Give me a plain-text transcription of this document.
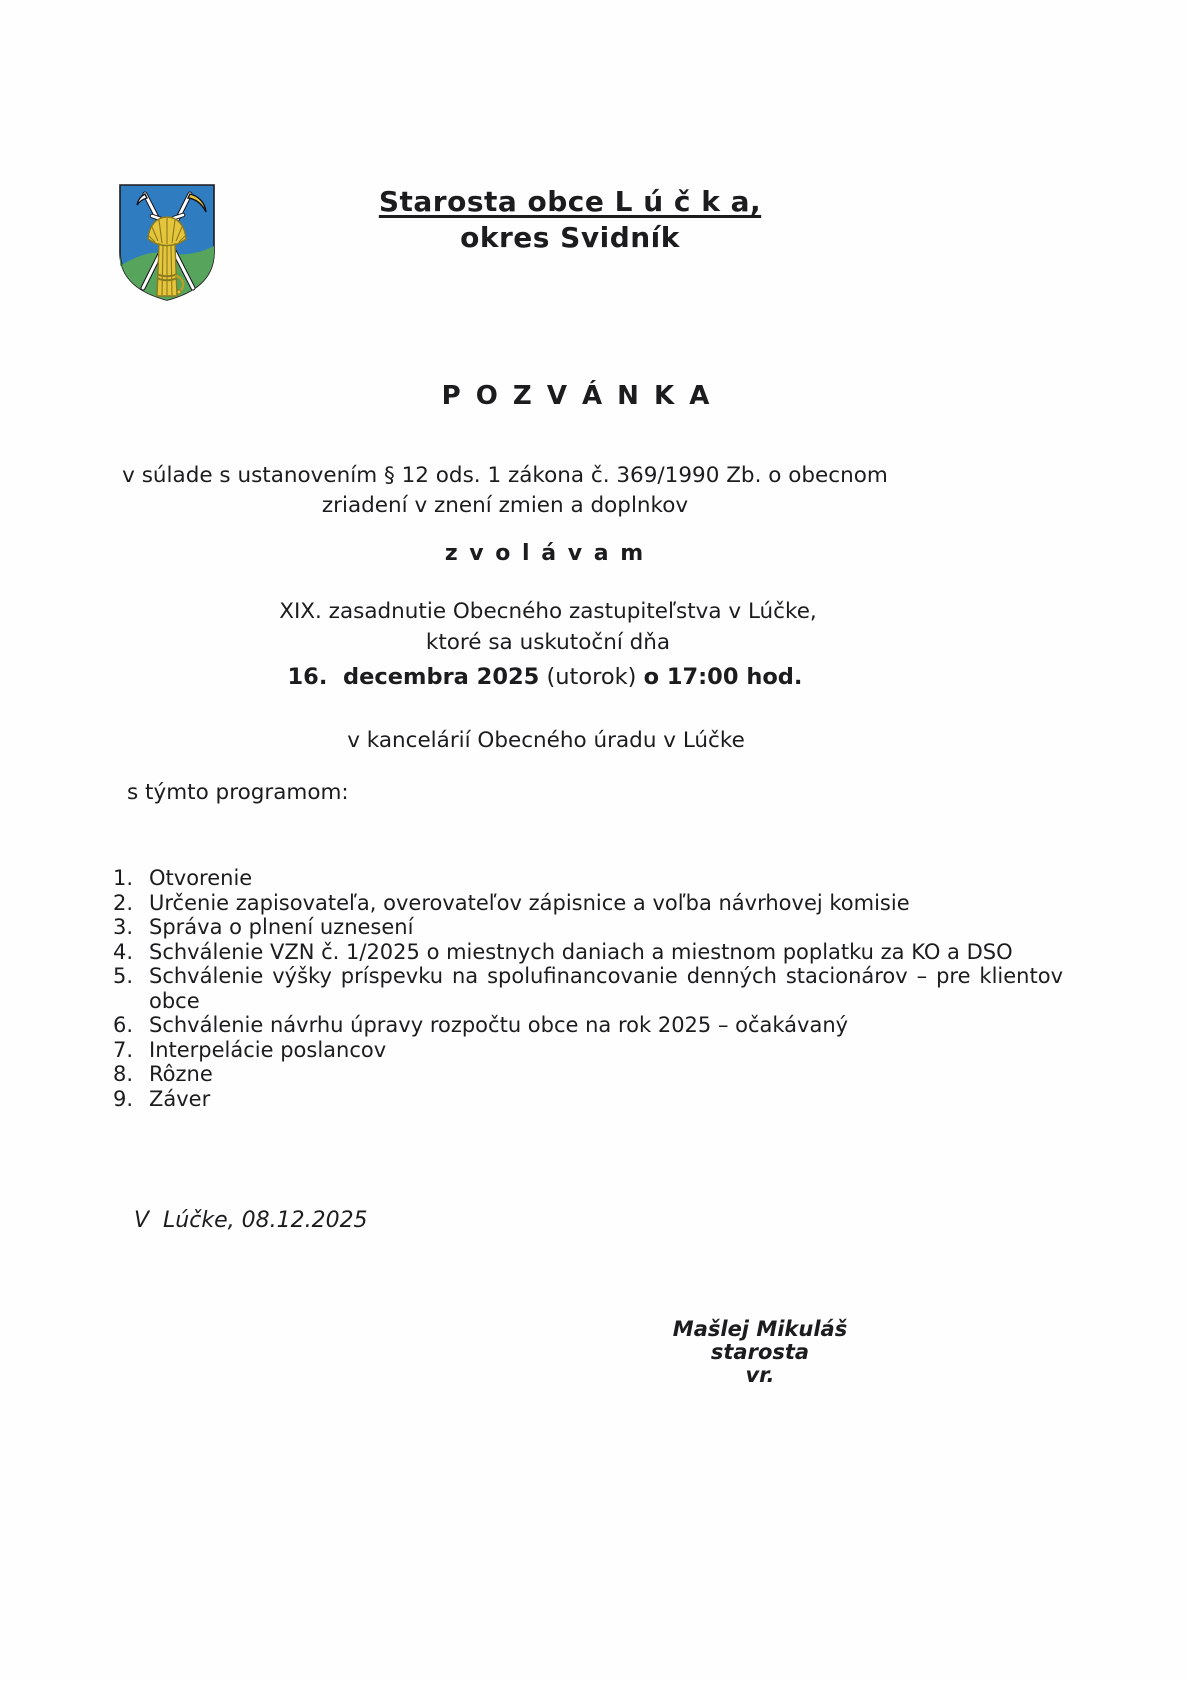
Starosta obce L ú č k a,
okres Svidník
P O Z V Á N K A
v súlade s ustanovením § 12 ods. 1 zákona č. 369/1990 Zb. o obecnom
zriadení v znení zmien a doplnkov
z v o l á v a m
XIX. zasadnutie Obecného zastupiteľstva v Lúčke,
ktoré sa uskutoční dňa
16.  decembra 2025 (utorok) o 17:00 hod.
v kancelárií Obecného úradu v Lúčke
s týmto programom:
1. Otvorenie
2. Určenie zapisovateľa, overovateľov zápisnice a voľba návrhovej komisie
3. Správa o plnení uznesení
4. Schválenie VZN č. 1/2025 o miestnych daniach a miestnom poplatku za KO a DSO
5. Schválenie výšky príspevku na spolufinancovanie denných stacionárov – pre klientov obce
6. Schválenie návrhu úpravy rozpočtu obce na rok 2025 – očakávaný
7. Interpelácie poslancov
8. Rôzne
9. Záver
V  Lúčke, 08.12.2025
Mašlej Mikuláš
starosta
vr.
